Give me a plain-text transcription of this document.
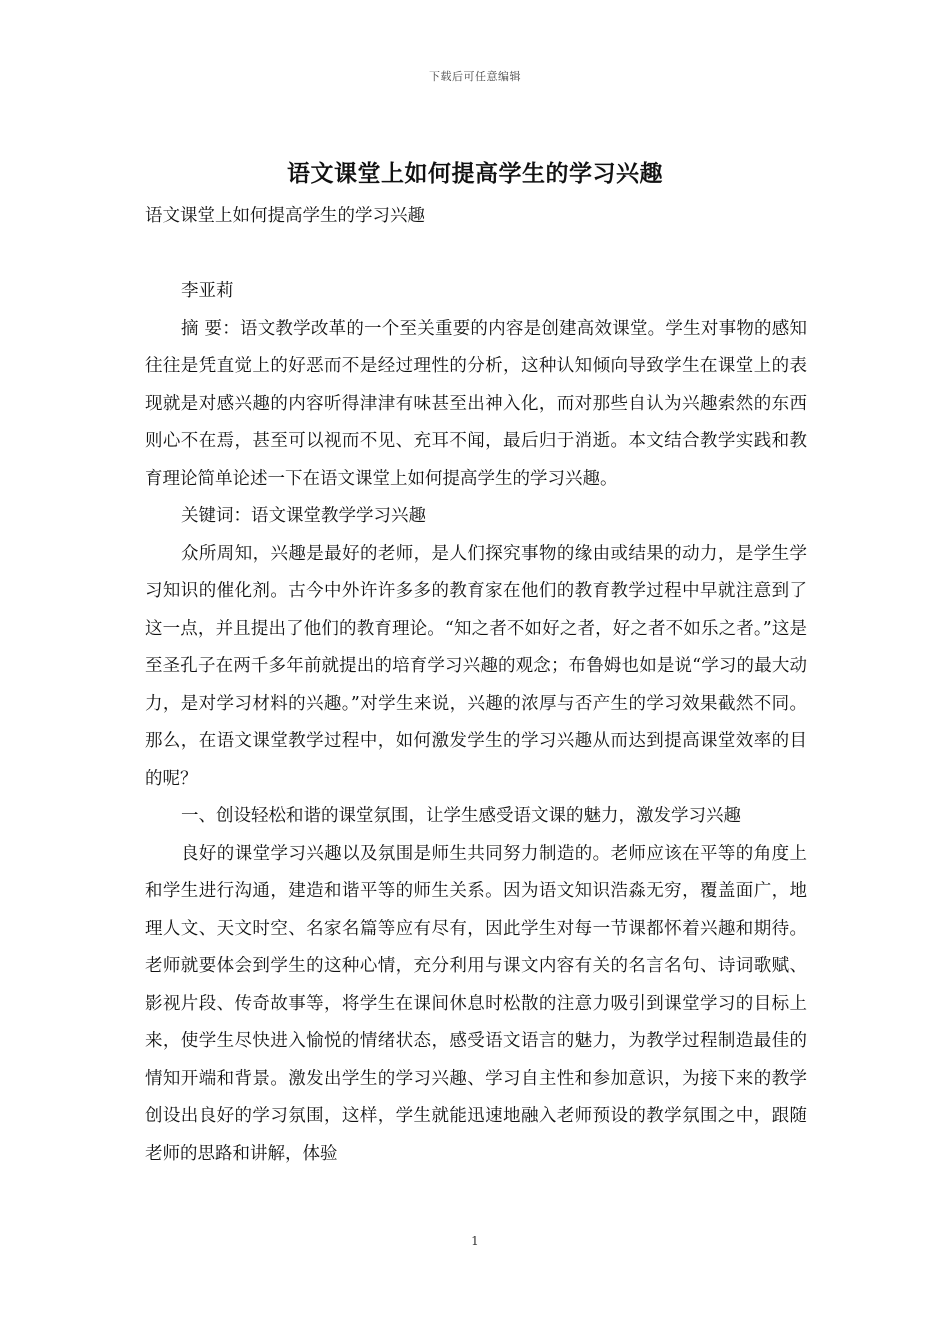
下载后可任意编辑
语文课堂上如何提高学生的学习兴趣

语文课堂上如何提高学生的学习兴趣

李亚莉

摘 要：语文教学改革的一个至关重要的内容是创建高效课堂。学生对事物的感知往往是凭直觉上的好恶而不是经过理性的分析，这种认知倾向导致学生在课堂上的表现就是对感兴趣的内容听得津津有味甚至出神入化，而对那些自认为兴趣索然的东西则心不在焉，甚至可以视而不见、充耳不闻，最后归于消逝。本文结合教学实践和教育理论简单论述一下在语文课堂上如何提高学生的学习兴趣。

关键词：语文课堂教学学习兴趣

众所周知，兴趣是最好的老师，是人们探究事物的缘由或结果的动力，是学生学习知识的催化剂。古今中外许许多多的教育家在他们的教育教学过程中早就注意到了这一点，并且提出了他们的教育理论。“知之者不如好之者，好之者不如乐之者。”这是至圣孔子在两千多年前就提出的培育学习兴趣的观念；布鲁姆也如是说“学习的最大动力，是对学习材料的兴趣。”对学生来说，兴趣的浓厚与否产生的学习效果截然不同。那么，在语文课堂教学过程中，如何激发学生的学习兴趣从而达到提高课堂效率的目的呢？

一、创设轻松和谐的课堂氛围，让学生感受语文课的魅力，激发学习兴趣

良好的课堂学习兴趣以及氛围是师生共同努力制造的。老师应该在平等的角度上和学生进行沟通，建造和谐平等的师生关系。因为语文知识浩淼无穷，覆盖面广，地理人文、天文时空、名家名篇等应有尽有，因此学生对每一节课都怀着兴趣和期待。老师就要体会到学生的这种心情，充分利用与课文内容有关的名言名句、诗词歌赋、影视片段、传奇故事等，将学生在课间休息时松散的注意力吸引到课堂学习的目标上来，使学生尽快进入愉悦的情绪状态，感受语文语言的魅力，为教学过程制造最佳的情知开端和背景。激发出学生的学习兴趣、学习自主性和参加意识，为接下来的教学创设出良好的学习氛围，这样，学生就能迅速地融入老师预设的教学氛围之中，跟随老师的思路和讲解，体验

1
